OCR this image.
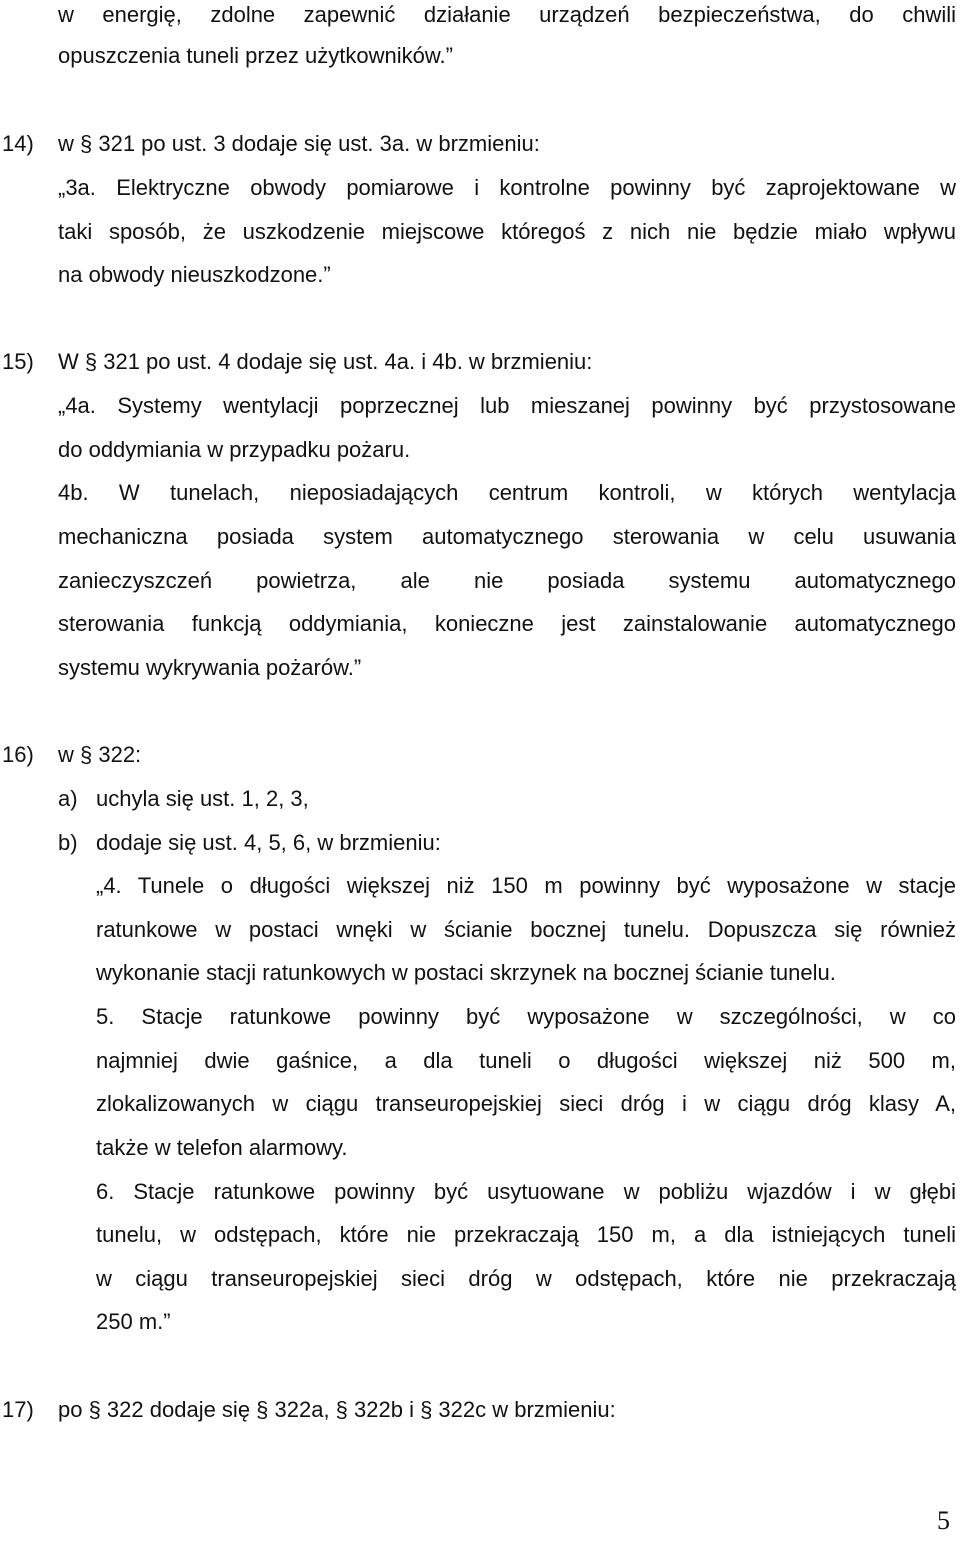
w energię, zdolne zapewnić działanie urządzeń bezpieczeństwa, do chwili
opuszczenia tuneli przez użytkowników.”
14) w § 321 po ust. 3 dodaje się ust. 3a. w brzmieniu:
„3a. Elektryczne obwody pomiarowe i kontrolne powinny być zaprojektowane w
taki sposób, że uszkodzenie miejscowe któregoś z nich nie będzie miało wpływu
na obwody nieuszkodzone.”
15) W § 321 po ust. 4 dodaje się ust. 4a. i 4b. w brzmieniu:
„4a. Systemy wentylacji poprzecznej lub mieszanej powinny być przystosowane
do oddymiania w przypadku pożaru.
4b. W tunelach, nieposiadających centrum kontroli, w których wentylacja
mechaniczna posiada system automatycznego sterowania w celu usuwania
zanieczyszczeń powietrza, ale nie posiada systemu automatycznego
sterowania funkcją oddymiania, konieczne jest zainstalowanie automatycznego
systemu wykrywania pożarów.”
16) w § 322:
a) uchyla się ust. 1, 2, 3,
b) dodaje się ust. 4, 5, 6, w brzmieniu:
„4. Tunele o długości większej niż 150 m powinny być wyposażone w stacje
ratunkowe w postaci wnęki w ścianie bocznej tunelu. Dopuszcza się również
wykonanie stacji ratunkowych w postaci skrzynek na bocznej ścianie tunelu.
5. Stacje ratunkowe powinny być wyposażone w szczególności, w co
najmniej dwie gaśnice, a dla tuneli o długości większej niż 500 m,
zlokalizowanych w ciągu transeuropejskiej sieci dróg i w ciągu dróg klasy A,
także w telefon alarmowy.
6. Stacje ratunkowe powinny być usytuowane w pobliżu wjazdów i w głębi
tunelu, w odstępach, które nie przekraczają 150 m, a dla istniejących tuneli
w ciągu transeuropejskiej sieci dróg w odstępach, które nie przekraczają
250 m.”
17) po § 322 dodaje się § 322a, § 322b i § 322c w brzmieniu:
5
